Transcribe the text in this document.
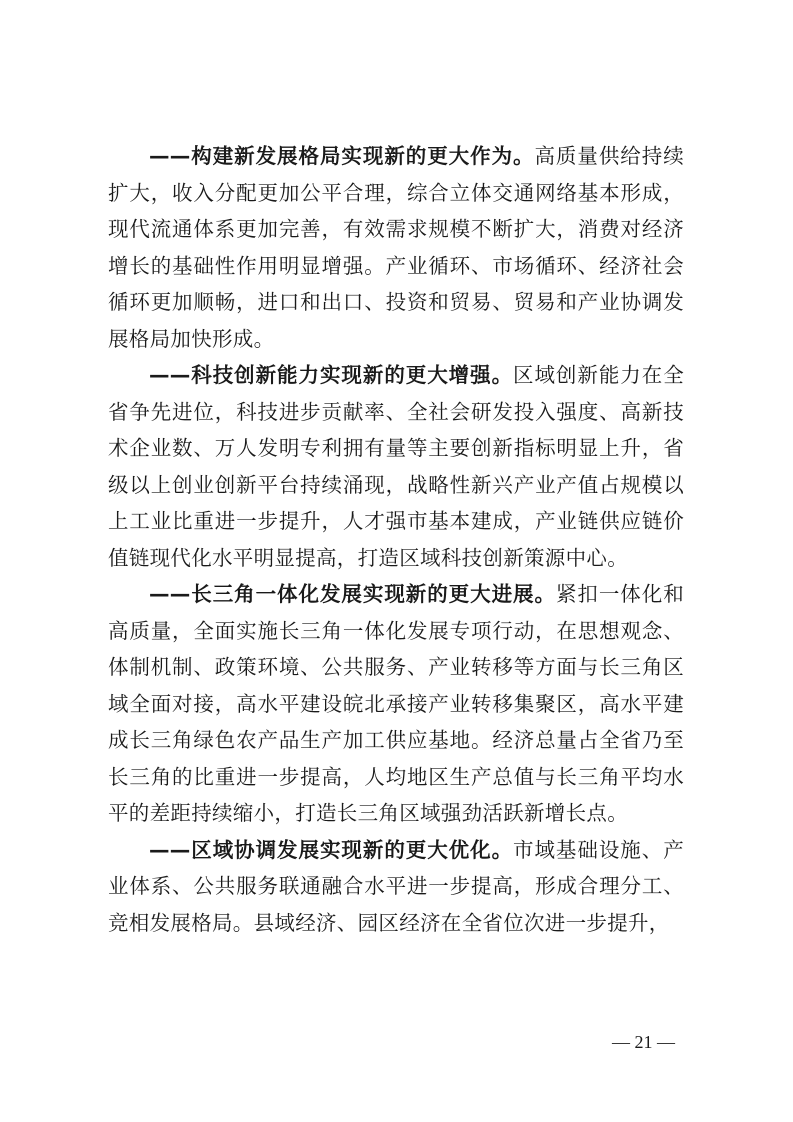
——构建新发展格局实现新的更大作为。高质量供给持续扩大，收入分配更加公平合理，综合立体交通网络基本形成，现代流通体系更加完善，有效需求规模不断扩大，消费对经济增长的基础性作用明显增强。产业循环、市场循环、经济社会循环更加顺畅，进口和出口、投资和贸易、贸易和产业协调发展格局加快形成。

——科技创新能力实现新的更大增强。区域创新能力在全省争先进位，科技进步贡献率、全社会研发投入强度、高新技术企业数、万人发明专利拥有量等主要创新指标明显上升，省级以上创业创新平台持续涌现，战略性新兴产业产值占规模以上工业比重进一步提升，人才强市基本建成，产业链供应链价值链现代化水平明显提高，打造区域科技创新策源中心。

——长三角一体化发展实现新的更大进展。紧扣一体化和高质量，全面实施长三角一体化发展专项行动，在思想观念、体制机制、政策环境、公共服务、产业转移等方面与长三角区域全面对接，高水平建设皖北承接产业转移集聚区，高水平建成长三角绿色农产品生产加工供应基地。经济总量占全省乃至长三角的比重进一步提高，人均地区生产总值与长三角平均水平的差距持续缩小，打造长三角区域强劲活跃新增长点。

——区域协调发展实现新的更大优化。市域基础设施、产业体系、公共服务联通融合水平进一步提高，形成合理分工、竞相发展格局。县域经济、园区经济在全省位次进一步提升，

— 21 —
